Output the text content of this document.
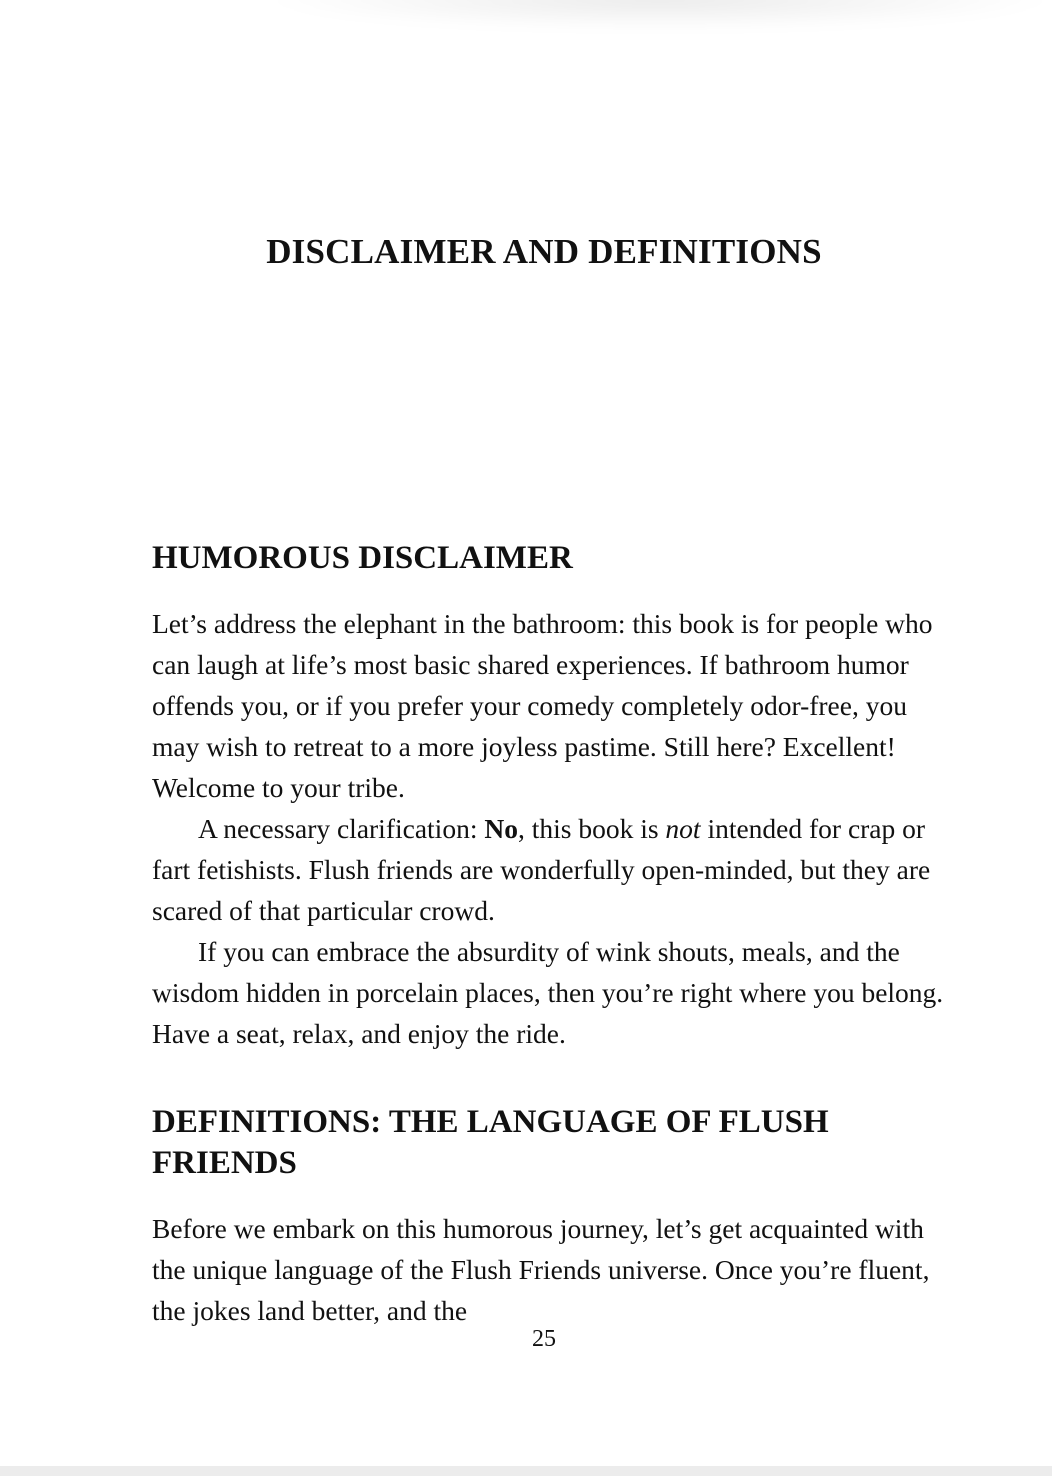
DISCLAIMER AND DEFINITIONS
HUMOROUS DISCLAIMER

Let’s address the elephant in the bathroom: this book is for people who can laugh at life’s most basic shared experiences. If bathroom humor offends you, or if you prefer your comedy completely odor-free, you may wish to retreat to a more joyless pastime. Still here? Excellent! Welcome to your tribe.

A necessary clarification: No, this book is not intended for crap or fart fetishists. Flush friends are wonderfully open-minded, but they are scared of that particular crowd.

If you can embrace the absurdity of wink shouts, meals, and the wisdom hidden in porcelain places, then you’re right where you belong. Have a seat, relax, and enjoy the ride.

DEFINITIONS: THE LANGUAGE OF FLUSH
FRIENDS

Before we embark on this humorous journey, let’s get acquainted with the unique language of the Flush Friends universe. Once you’re fluent, the jokes land better, and the

25
